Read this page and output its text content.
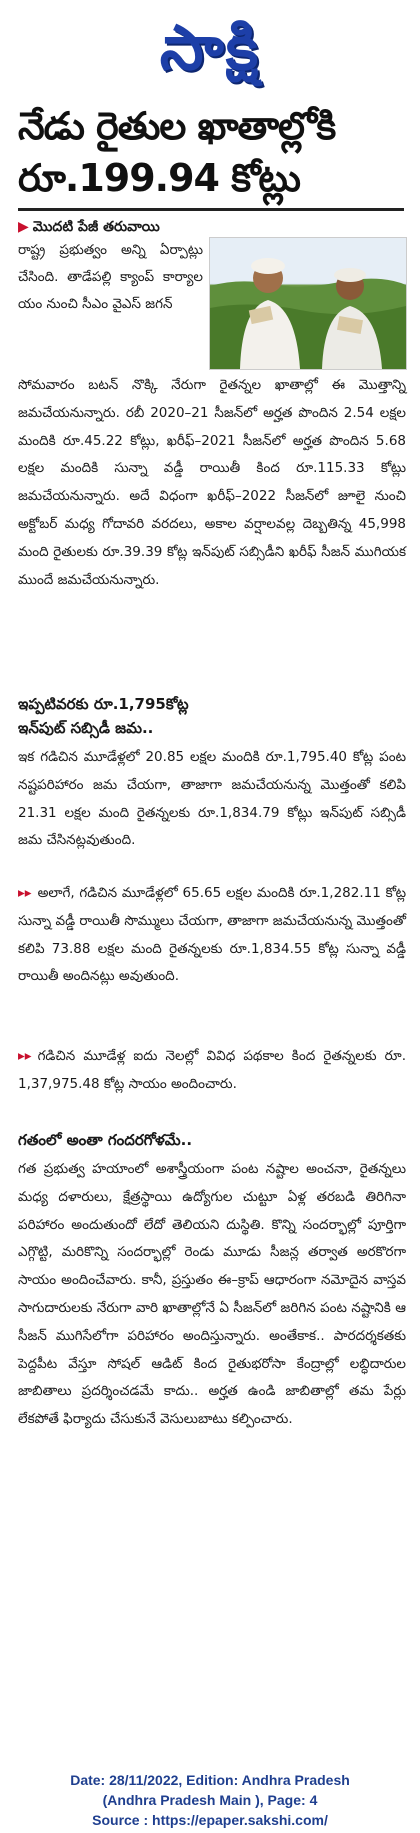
సాక్షి
నేడు రైతుల ఖాతాల్లోకి
రూ.199.94 కోట్లు
▶ మొదటి పేజీ తరువాయి
రాష్ట్ర ప్రభుత్వం అన్ని ఏర్పాట్లు చేసింది. తాడేపల్లి క్యాంప్ కార్యాల యం నుంచి సీఎం వైఎస్ జగన్
సోమవారం బటన్ నొక్కి నేరుగా రైతన్నల ఖాతాల్లో ఈ మొత్తాన్ని జమచేయనున్నారు. రబీ 2020–21 సీజన్‌లో అర్హత పొందిన 2.54 లక్షల మందికి రూ.45.22 కోట్లు, ఖరీఫ్–2021 సీజన్‌లో అర్హత పొందిన 5.68 లక్షల మందికి సున్నా వడ్డీ రాయితీ కింద రూ.115.33 కోట్లు జమచేయనున్నారు. అదే విధంగా ఖరీఫ్–2022 సీజన్‌లో జూలై నుంచి అక్టోబర్ మధ్య గోదావరి వరదలు, అకాల వర్షాలవల్ల దెబ్బతిన్న 45,998 మంది రైతులకు రూ.39.39 కోట్ల ఇన్‌పుట్ సబ్సిడీని ఖరీఫ్ సీజన్ ముగియక ముందే జమచేయనున్నారు.
ఇప్పటివరకు రూ.1,795కోట్ల
ఇన్‌పుట్ సబ్సిడీ జమ..
ఇక గడిచిన మూడేళ్లలో 20.85 లక్షల మందికి రూ.1,795.40 కోట్ల పంట నష్టపరిహారం జమ చేయగా, తాజాగా జమచేయనున్న మొత్తంతో కలిపి 21.31 లక్షల మంది రైతన్నలకు రూ.1,834.79 కోట్లు ఇన్‌పుట్ సబ్సిడీ జమ చేసినట్లవుతుంది.
▸▸ అలాగే, గడిచిన మూడేళ్లలో 65.65 లక్షల మందికి రూ.1,282.11 కోట్ల సున్నా వడ్డీ రాయితీ సొమ్ములు చేయగా, తాజాగా జమచేయనున్న మొత్తంతో కలిపి 73.88 లక్షల మంది రైతన్నలకు రూ.1,834.55 కోట్ల సున్నా వడ్డీ రాయితీ అందినట్లు అవుతుంది.
▸▸ గడిచిన మూడేళ్ల ఐదు నెలల్లో వివిధ పథకాల కింద రైతన్నలకు రూ. 1,37,975.48 కోట్ల సాయం అందించారు.
గతంలో అంతా గందరగోళమే..
గత ప్రభుత్వ హయాంలో అశాస్త్రీయంగా పంట నష్టాల అంచనా, రైతన్నలు మధ్య దళారులు, క్షేత్రస్థాయి ఉద్యోగుల చుట్టూ ఏళ్ల తరబడి తిరిగినా పరిహారం అందుతుందో లేదో తెలియని దుస్థితి. కొన్ని సందర్భాల్లో పూర్తిగా ఎగ్గొట్టి, మరికొన్ని సందర్భాల్లో రెండు మూడు సీజన్ల తర్వాత అరకొరగా సాయం అందించేవారు. కానీ, ప్రస్తుతం ఈ–క్రాప్ ఆధారంగా నమోదైన వాస్తవ సాగుదారులకు నేరుగా వారి ఖాతాల్లోనే ఏ సీజన్‌లో జరిగిన పంట నష్టానికి ఆ సీజన్ ముగిసేలోగా పరిహారం అందిస్తున్నారు. అంతేకాక.. పారదర్శకతకు పెద్దపీట వేస్తూ సోషల్ ఆడిట్ కింద రైతుభరోసా కేంద్రాల్లో లబ్ధిదారుల జాబితాలు ప్రదర్శించడమే కాదు.. అర్హత ఉండి జాబితాల్లో తమ పేర్లు లేకపోతే ఫిర్యాదు చేసుకునే వెసులుబాటు కల్పించారు.
Date: 28/11/2022, Edition: Andhra Pradesh
(Andhra Pradesh Main ), Page: 4
Source : https://epaper.sakshi.com/
